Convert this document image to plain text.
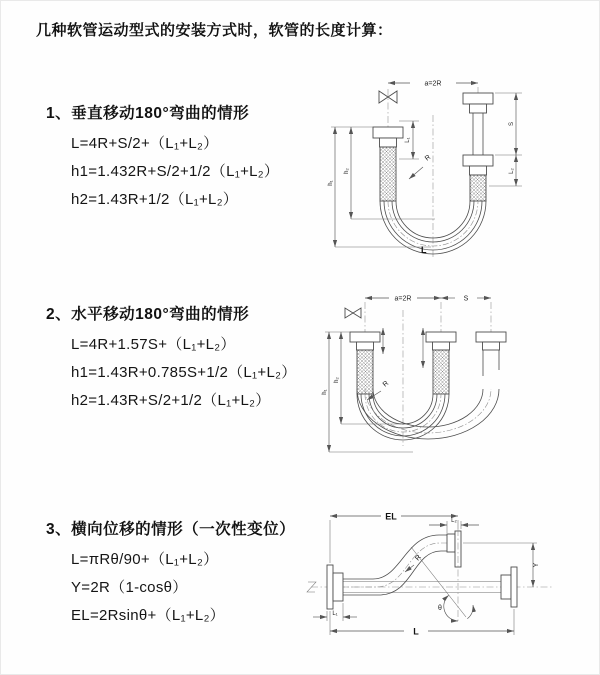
几种软管运动型式的安装方式时，软管的长度计算：
1、垂直移动180°弯曲的情形
L=4R+S/2+（L₁+L₂）
h1=1.432R+S/2+1/2（L₁+L₂）
h2=1.43R+1/2（L₁+L₂）
2、水平移动180°弯曲的情形
L=4R+1.57S+（L₁+L₂）
h1=1.43R+0.785S+1/2（L₁+L₂）
h2=1.43R+S/2+1/2（L₁+L₂）
3、横向位移的情形（一次性变位）
L=πRθ/90+（L₁+L₂）
Y=2R（1-cosθ）
EL=2Rsinθ+（L₁+L₂）
a=2R
h₁
h₂
L₁
S
L₂
R
L
a=2R	S
h₁
h₂	R
EL	L₂
Y
θ
R
L
L₁
